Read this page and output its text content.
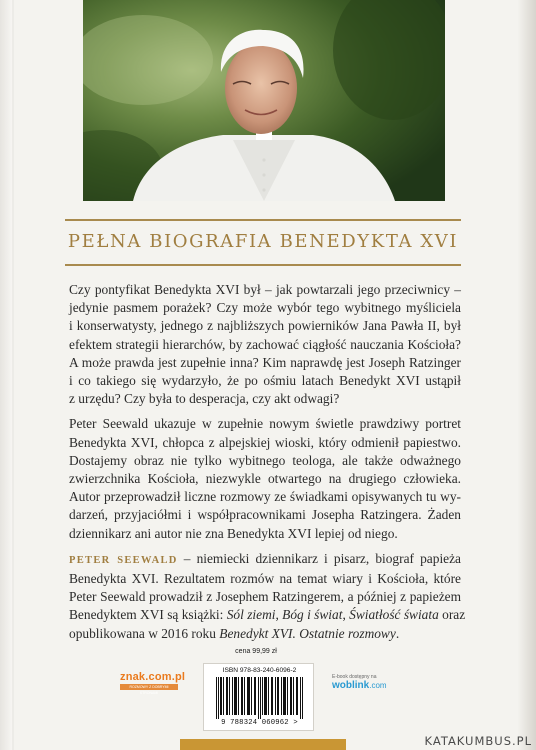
PEŁNA BIOGRAFIA BENEDYKTA XVI

Czy pontyfikat Benedykta XVI był – jak powtarzali jego przeciwnicy –
jedynie pasmem porażek? Czy może wybór tego wybitnego myśliciela
i konserwatysty, jednego z najbliższych powierników Jana Pawła II, był
efektem strategii hierarchów, by zachować ciągłość nauczania Kościoła?
A może prawda jest zupełnie inna? Kim naprawdę jest Joseph Ratzinger
i co takiego się wydarzyło, że po ośmiu latach Benedykt XVI ustąpił
z urzędu? Czy była to desperacja, czy akt odwagi?

Peter Seewald ukazuje w zupełnie nowym świetle prawdziwy portret
Benedykta XVI, chłopca z alpejskiej wioski, który odmienił papiestwo.
Dostajemy obraz nie tylko wybitnego teologa, ale także odważnego
zwierzchnika Kościoła, niezwykle otwartego na drugiego człowieka.
Autor przeprowadził liczne rozmowy ze świadkami opisywanych tu wy-
darzeń, przyjaciółmi i współpracownikami Josepha Ratzingera. Żaden
dziennikarz ani autor nie zna Benedykta XVI lepiej od niego.

PETER SEEWALD – niemiecki dziennikarz i pisarz, biograf papieża
Benedykta XVI. Rezultatem rozmów na temat wiary i Kościoła, które
Peter Seewald prowadził z Josephem Ratzingerem, a później z papieżem
Benedyktem XVI są książki: Sól ziemi, Bóg i świat, Światłość świata oraz
opublikowana w 2016 roku Benedykt XVI. Ostatnie rozmowy.

cena 99,99 zł
znak.com.pl
ROZMOWY Z DOBRYMI STRONAMI
ISBN 978-83-240-6096-2
9 788324 060962 >
E-book dostępny na
woblink.com
KATAKUMBUS.PL
